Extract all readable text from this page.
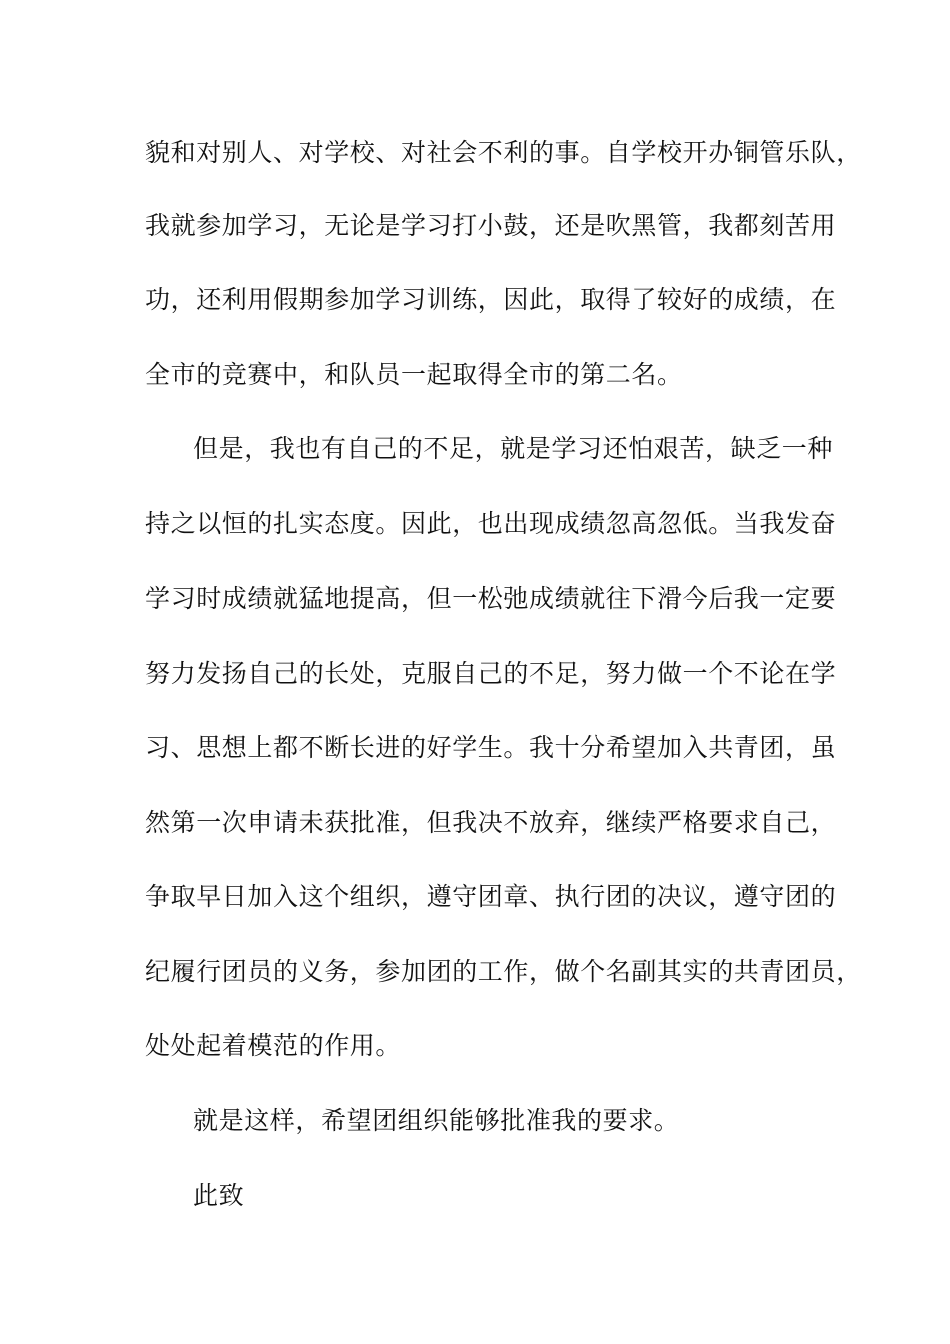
貌和对别人、对学校、对社会不利的事。自学校开办铜管乐队，
我就参加学习，无论是学习打小鼓，还是吹黑管，我都刻苦用
功，还利用假期参加学习训练，因此，取得了较好的成绩，在
全市的竞赛中，和队员一起取得全市的第二名。
但是，我也有自己的不足，就是学习还怕艰苦，缺乏一种
持之以恒的扎实态度。因此，也出现成绩忽高忽低。当我发奋
学习时成绩就猛地提高，但一松弛成绩就往下滑今后我一定要
努力发扬自己的长处，克服自己的不足，努力做一个不论在学
习、思想上都不断长进的好学生。我十分希望加入共青团，虽
然第一次申请未获批准，但我决不放弃，继续严格要求自己，
争取早日加入这个组织，遵守团章、执行团的决议，遵守团的
纪履行团员的义务，参加团的工作，做个名副其实的共青团员，
处处起着模范的作用。
就是这样，希望团组织能够批准我的要求。
此致
